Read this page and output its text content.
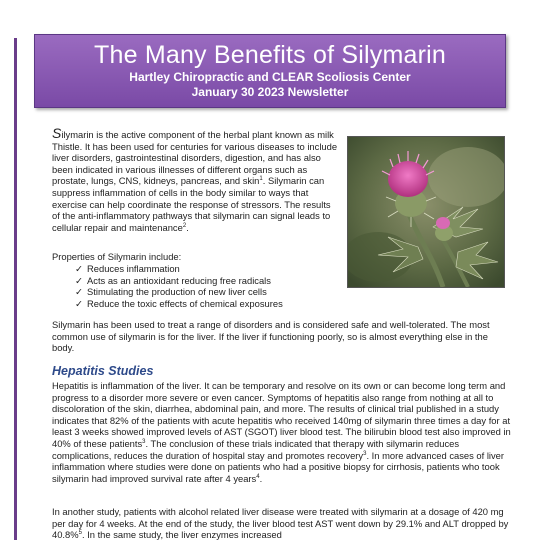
The Many Benefits of Silymarin
Hartley Chiropractic and CLEAR Scoliosis Center
January 30 2023 Newsletter
Silymarin is the active component of the herbal plant known as milk Thistle. It has been used for centuries for various diseases to include liver disorders, gastrointestinal disorders, digestion, and has also been indicated in various illnesses of different organs such as prostate, lungs, CNS, kidneys, pancreas, and skin$^1$. Silymarin can suppress inflammation of cells in the body similar to ways that exercise can help coordinate the response of stressors. The results of the anti-inflammatory pathways that silymarin can signal leads to cellular repair and maintenance$^2$.
Properties of Silymarin include:
✓ Reduces inflammation
✓ Acts as an antioxidant reducing free radicals
✓ Stimulating the production of new liver cells
✓ Reduce the toxic effects of chemical exposures
Silymarin has been used to treat a range of disorders and is considered safe and well-tolerated. The most common use of silymarin is for the liver. If the liver if functioning poorly, so is almost everything else in the body.
Hepatitis Studies
Hepatitis is inflammation of the liver. It can be temporary and resolve on its own or can become long term and progress to a disorder more severe or even cancer. Symptoms of hepatitis also range from nothing at all to discoloration of the skin, diarrhea, abdominal pain, and more. The results of clinical trial published in a study indicates that 82% of the patients with acute hepatitis who received 140mg of silymarin three times a day for at least 3 weeks showed improved levels of AST (SGOT) liver blood test. The bilirubin blood test also improved in 40% of these patients$^3$. The conclusion of these trials indicated that therapy with silymarin reduces complications, reduces the duration of hospital stay and promotes recovery$^3$. In more advanced cases of liver inflammation where studies were done on patients who had a positive biopsy for cirrhosis, patients who took silymarin had improved survival rate after 4 years$^4$.
In another study, patients with alcohol related liver disease were treated with silymarin at a dosage of 420 mg per day for 4 weeks. At the end of the study, the liver blood test AST went down by 29.1% and ALT dropped by 40.8%$^5$. In the same study, the liver enzymes increased
